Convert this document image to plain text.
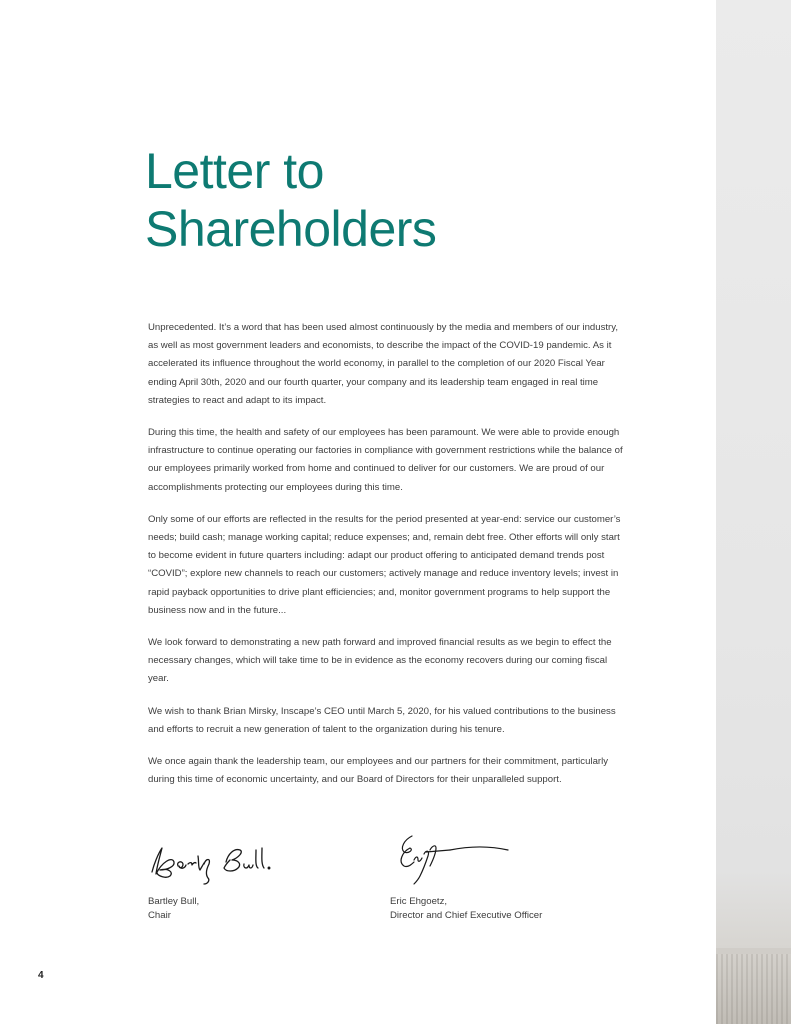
Letter to
Shareholders

Unprecedented. It’s a word that has been used almost continuously by the media and members of our industry, as well as most government leaders and economists, to describe the impact of the COVID-19 pandemic. As it accelerated its influence throughout the world economy, in parallel to the completion of our 2020 Fiscal Year ending April 30th, 2020 and our fourth quarter, your company and its leadership team engaged in real time strategies to react and adapt to its impact.

During this time, the health and safety of our employees has been paramount. We were able to provide enough infrastructure to continue operating our factories in compliance with government restrictions while the balance of our employees primarily worked from home and continued to deliver for our customers. We are proud of our accomplishments protecting our employees during this time.

Only some of our efforts are reflected in the results for the period presented at year-end: service our customer’s needs; build cash; manage working capital; reduce expenses; and, remain debt free. Other efforts will only start to become evident in future quarters including: adapt our product offering to anticipated demand trends post “COVID”; explore new channels to reach our customers; actively manage and reduce inventory levels; invest in rapid payback opportunities to drive plant efficiencies; and, monitor government programs to help support the business now and in the future...

We look forward to demonstrating a new path forward and improved financial results as we begin to effect the necessary changes, which will take time to be in evidence as the economy recovers during our coming fiscal year.

We wish to thank Brian Mirsky, Inscape’s CEO until March 5, 2020, for his valued contributions to the business and efforts to recruit a new generation of talent to the organization during his tenure.

We once again thank the leadership team, our employees and our partners for their commitment, particularly during this time of economic uncertainty, and our Board of Directors for their unparalleled support.

Bartley Bull,
Chair
Eric Ehgoetz,
Director and Chief Executive Officer
4
